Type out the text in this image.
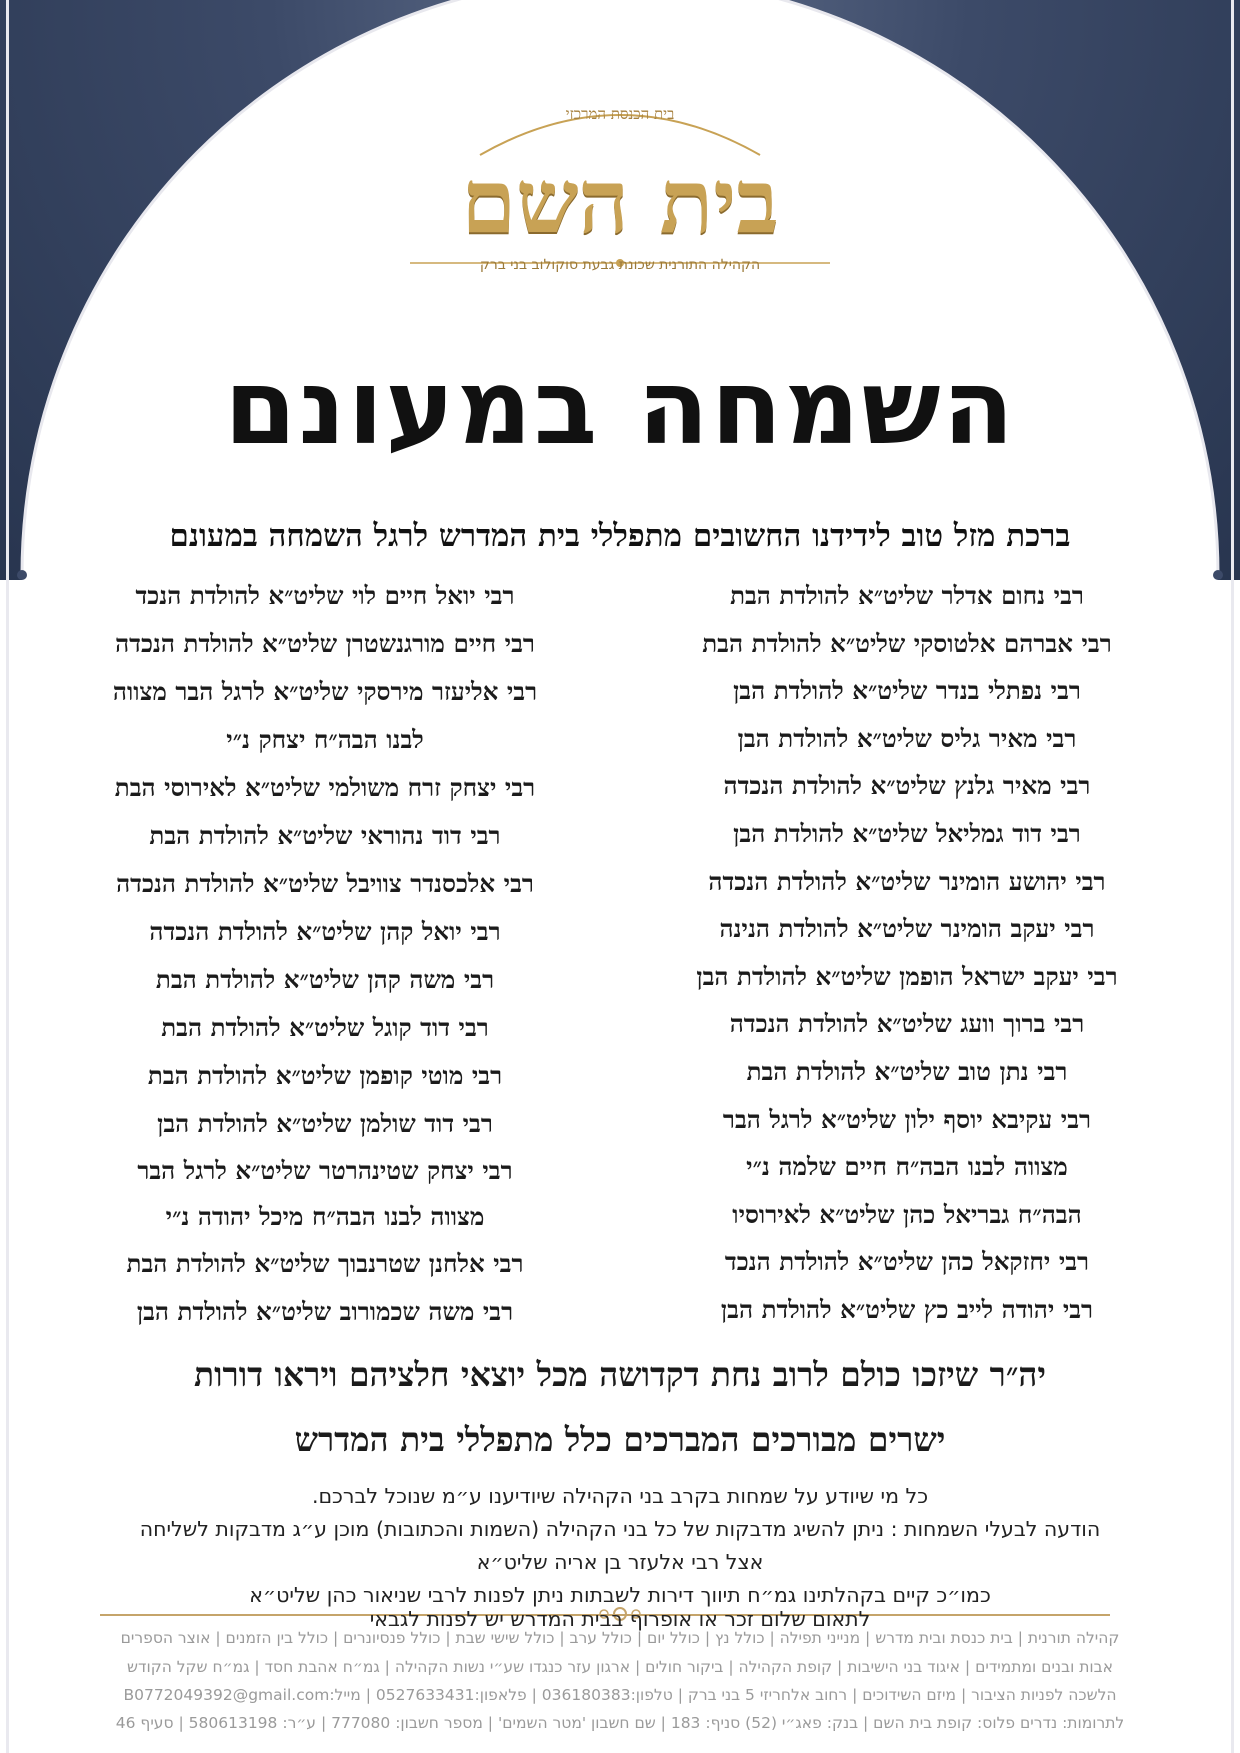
בית הכנסת המרכזי
בית השם
הקהילה התורנית שכונת גבעת סוקולוב בני ברק
השמחה במעונם
ברכת מזל טוב לידידנו החשובים מתפללי בית המדרש לרגל השמחה במעונם
רבי נחום אדלר שליט״א להולדת הבת
רבי אברהם אלטוסקי שליט״א להולדת הבת
רבי נפתלי בנדר שליט״א להולדת הבן
רבי מאיר גליס שליט״א להולדת הבן
רבי מאיר גלנץ שליט״א להולדת הנכדה
רבי דוד גמליאל שליט״א להולדת הבן
רבי יהושע הומינר שליט״א להולדת הנכדה
רבי יעקב הומינר שליט״א להולדת הנינה
רבי יעקב ישראל הופמן שליט״א להולדת הבן
רבי ברוך וועג שליט״א להולדת הנכדה
רבי נתן טוב שליט״א להולדת הבת
רבי עקיבא יוסף ילון שליט״א לרגל הבר
מצווה לבנו הבה״ח חיים שלמה נ״י
הבה״ח גבריאל כהן שליט״א לאירוסיו
רבי יחזקאל כהן שליט״א להולדת הנכד
רבי יהודה לייב כץ שליט״א להולדת הבן
רבי יואל חיים לוי שליט״א להולדת הנכד
רבי חיים מורגנשטרן שליט״א להולדת הנכדה
רבי אליעזר מירסקי שליט״א לרגל הבר מצווה
לבנו הבה״ח יצחק נ״י
רבי יצחק זרח משולמי שליט״א לאירוסי הבת
רבי דוד נהוראי שליט״א להולדת הבת
רבי אלכסנדר צוויבל שליט״א להולדת הנכדה
רבי יואל קהן שליט״א להולדת הנכדה
רבי משה קהן שליט״א להולדת הבת
רבי דוד קוגל שליט״א להולדת הבת
רבי מוטי קופמן שליט״א להולדת הבת
רבי דוד שולמן שליט״א להולדת הבן
רבי יצחק שטינהרטר שליט״א לרגל הבר
מצווה לבנו הבה״ח מיכל יהודה נ״י
רבי אלחנן שטרנבוך שליט״א להולדת הבת
רבי משה שכמורוב שליט״א להולדת הבן
יה״ר שיזכו כולם לרוב נחת דקדושה מכל יוצאי חלציהם ויראו דורות
ישרים מבורכים המברכים כלל מתפללי בית המדרש
כל מי שיודע על שמחות בקרב בני הקהילה שיודיענו ע״מ שנוכל לברכם.
הודעה לבעלי השמחות : ניתן להשיג מדבקות של כל בני הקהילה (השמות והכתובות) מוכן ע״ג מדבקות לשליחה
אצל רבי אלעזר בן אריה שליט״א
כמו״כ קיים בקהלתינו גמ״ח תיווך דירות לשבתות ניתן לפנות לרבי שניאור כהן שליט״א
לתאום שלום זכר או אופרוף בבית המדרש יש לפנות לגבאי
קהילה תורנית | בית כנסת ובית מדרש | מנייני תפילה | כולל נץ | כולל יום | כולל ערב | כולל שישי שבת | כולל פנסיונרים | כולל בין הזמנים | אוצר הספרים
אבות ובנים ומתמידים | איגוד בני הישיבות | קופת הקהילה | ביקור חולים | ארגון עזר כנגדו שע״י נשות הקהילה | גמ״ח אהבת חסד | גמ״ח שקל הקודש
הלשכה לפניות הציבור | מיזם השידוכים | רחוב אלחריזי 5 בני ברק | טלפון:036180383 | פלאפון:0527633431 | מייל:B0772049392@gmail.com
לתרומות: נדרים פלוס: קופת בית השם | בנק: פאג״י (52) סניף: 183 | שם חשבון 'מטר השמים' | מספר חשבון: 777080 | ע״ר: 580613198 | סעיף 46
